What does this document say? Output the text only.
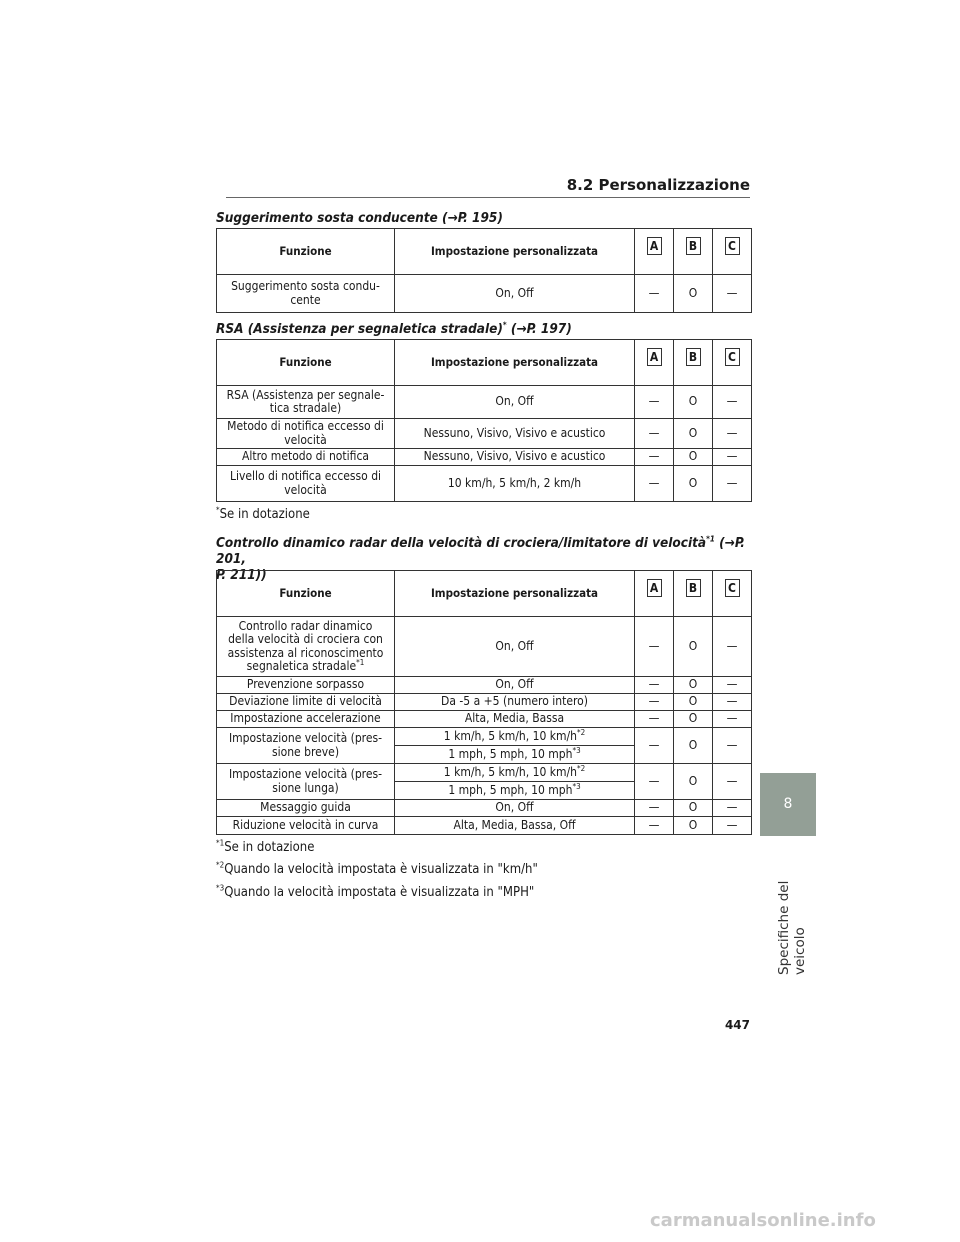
8.2 Personalizzazione
Suggerimento sosta conducente (→P. 195)
Funzione	Impostazione personalizzata	A	B	C
Suggerimento sosta condu-
cente	On, Off	—	O	—
RSA (Assistenza per segnaletica stradale)* (→P. 197)
Funzione	Impostazione personalizzata	A	B	C
RSA (Assistenza per segnale-
tica stradale)	On, Off	—	O	—
Metodo di notifica eccesso di
velocità	Nessuno, Visivo, Visivo e acustico	—	O	—
Altro metodo di notifica	Nessuno, Visivo, Visivo e acustico	—	O	—
Livello di notifica eccesso di
velocità	10 km/h, 5 km/h, 2 km/h	—	O	—
*Se in dotazione
Controllo dinamico radar della velocità di crociera/limitatore di velocità$^{*1}$ (→P. 201,
P. 211))
Funzione	Impostazione personalizzata	A	B	C
Controllo radar dinamico
della velocità di crociera con
assistenza al riconoscimento
segnaletica stradale$^{*1}$	On, Off	—	O	—
Prevenzione sorpasso	On, Off	—	O	—
Deviazione limite di velocità	Da -5 a +5 (numero intero)	—	O	—
Impostazione accelerazione	Alta, Media, Bassa	—	O	—
Impostazione velocità (pres-
sione breve)	1 km/h, 5 km/h, 10 $km/h^{*2}$	—	O	—
	1 mph, 5 mph, 10 mph$^{*3}$
Impostazione velocità (pres-
sione lunga)	1 km/h, 5 km/h, 10 $km/h^{*2}$	—	O	—
	1 mph, 5 mph, 10 mph$^{*3}$
Messaggio guida	On, Off	—	O	—
Riduzione velocità in curva	Alta, Media, Bassa, Off	—	O	—
$^{*1}$Se in dotazione
$^{*2}$Quando la velocità impostata è visualizzata in "km/h"
$^{*3}$Quando la velocità impostata è visualizzata in "MPH"
8
Specifiche del veicolo
447
carmanualsonline.info
